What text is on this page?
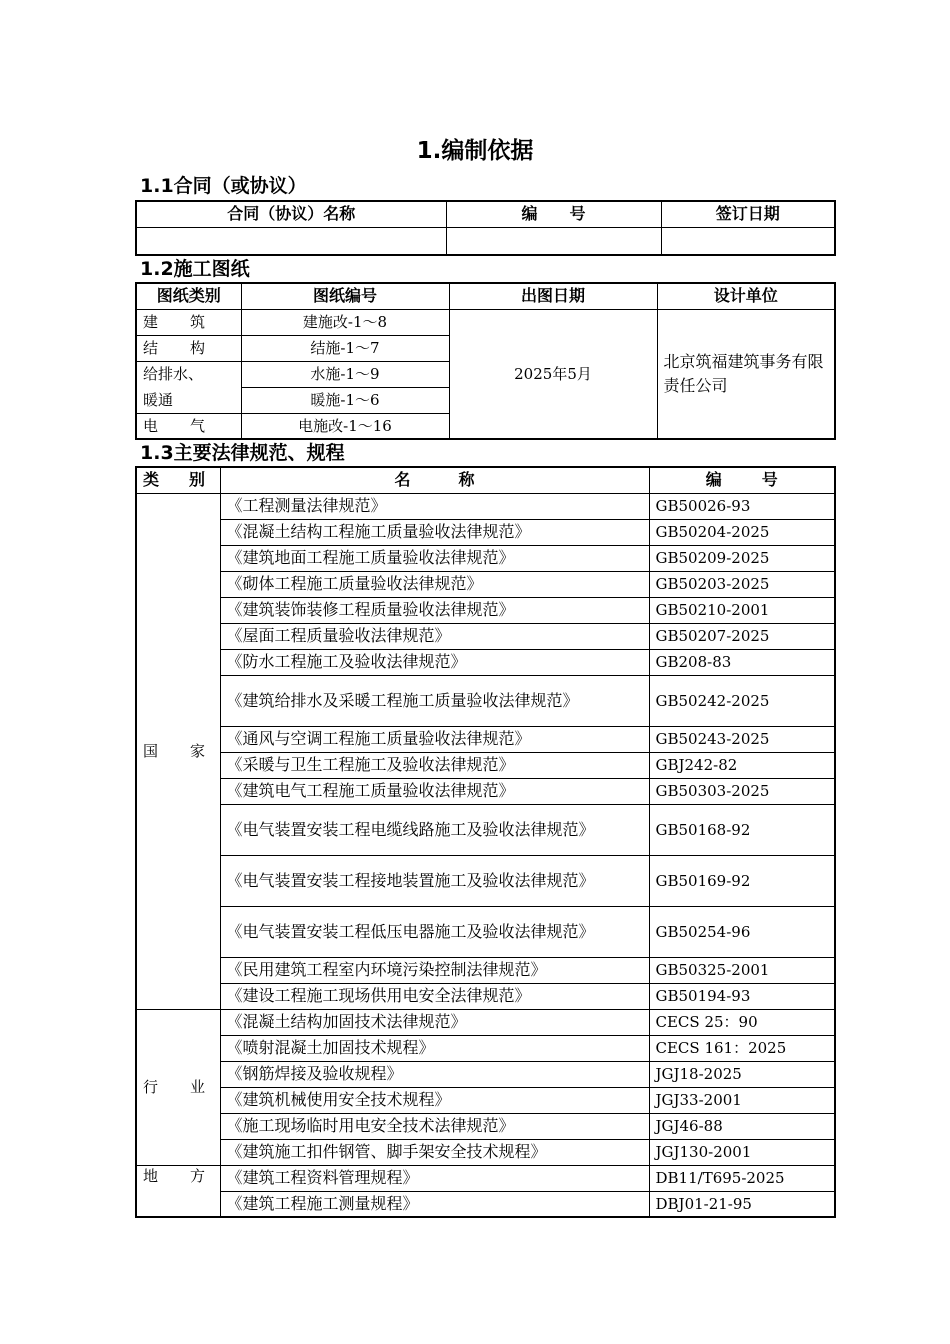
1.编制依据
1.1合同（或协议）
合同（协议）名称	编　　号	签订日期

1.2施工图纸
图纸类别	图纸编号	出图日期	设计单位

建 筑	建施改-1～8	2025年5月	北京筑福建筑事务有限责任公司

结 构	结施-1～7		
给排水、	水施-1～9		
暖通	暖施-1～6		

电 气	电施改-1～16		
1.3主要法律规范、规程
类 别	名 称	编 号

国 家	《工程测量法律规范》	GB50026-93
	《混凝土结构工程施工质量验收法律规范》	GB50204-2025
	《建筑地面工程施工质量验收法律规范》	GB50209-2025
	《砌体工程施工质量验收法律规范》	GB50203-2025
	《建筑装饰装修工程质量验收法律规范》	GB50210-2001
	《屋面工程质量验收法律规范》	GB50207-2025
	《防水工程施工及验收法律规范》	GB208-83
	《建筑给排水及采暖工程施工质量验收法律规范》	GB50242-2025
	《通风与空调工程施工质量验收法律规范》	GB50243-2025
	《采暖与卫生工程施工及验收法律规范》	GBJ242-82
	《建筑电气工程施工质量验收法律规范》	GB50303-2025
	《电气装置安装工程电缆线路施工及验收法律规范》	GB50168-92
	《电气装置安装工程接地装置施工及验收法律规范》	GB50169-92
	《电气装置安装工程低压电器施工及验收法律规范》	GB50254-96
	《民用建筑工程室内环境污染控制法律规范》	GB50325-2001
	《建设工程施工现场供用电安全法律规范》	GB50194-93

行 业	《混凝土结构加固技术法律规范》	CECS 25：90
	《喷射混凝土加固技术规程》	CECS 161：2025
	《钢筋焊接及验收规程》	JGJ18-2025
	《建筑机械使用安全技术规程》	JGJ33-2001
	《施工现场临时用电安全技术法律规范》	JGJ46-88
	《建筑施工扣件钢管、脚手架安全技术规程》	JGJ130-2001

地 方	《建筑工程资料管理规程》	DB11/T695-2025
	《建筑工程施工测量规程》	DBJ01-21-95
